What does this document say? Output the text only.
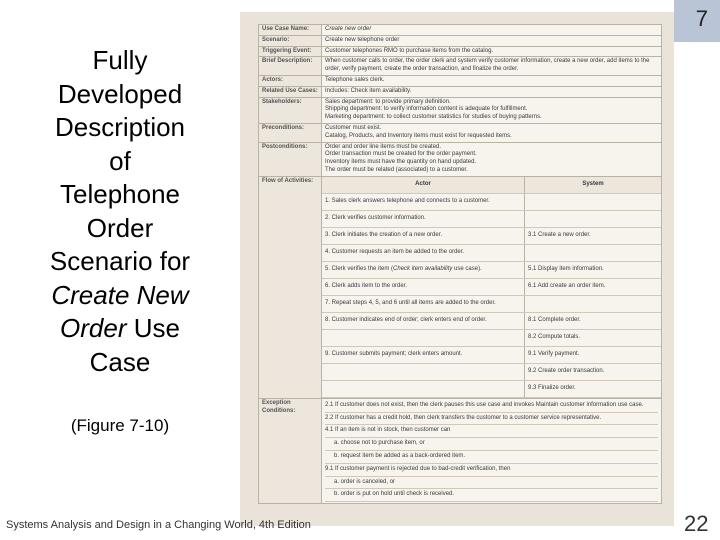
7
Fully
Developed
Description
of
Telephone
Order
Scenario for
Create New
Order Use
Case
(Figure 7-10)
Use Case Name:	Create new order
Scenario:	Create new telephone order
Triggering Event:	Customer telephones RMO to purchase items from the catalog.
Brief Description:	When customer calls to order, the order clerk and system verify customer information, create a new order, add items to the order, verify payment, create the order transaction, and finalize the order.
Actors:	Telephone sales clerk.
Related Use Cases:	Includes: Check item availability.
Stakeholders:	Sales department: to provide primary definition.
Shipping department: to verify information content is adequate for fulfillment.
Marketing department: to collect customer statistics for studies of buying patterns.

Preconditions:	Customer must exist.
Catalog, Products, and Inventory items must exist for requested items.

Postconditions:	Order and order line items must be created.
Order transaction must be created for the order payment.
Inventory items must have the quantity on hand updated.
The order must be related (associated) to a customer.

Flow of Activities:	
Actor	System
1. Sales clerk answers telephone and connects to a customer.	
2. Clerk verifies customer information.	
3. Clerk initiates the creation of a new order.	3.1 Create a new order.
4. Customer requests an item be added to the order.	
5. Clerk verifies the item (Check item availability use case).	5.1 Display item information.
6. Clerk adds item to the order.	6.1 Add create an order item.
7. Repeat steps 4, 5, and 6 until all items are added to the order.	
8. Customer indicates end of order; clerk enters end of order.	8.1 Complete order.
	8.2 Compute totals.
9. Customer submits payment; clerk enters amount.	9.1 Verify payment.
	9.2 Create order transaction.
	9.3 Finalize order.

Exception Conditions:	
2.1 If customer does not exist, then the clerk pauses this use case and invokes Maintain customer information use case.
2.2 If customer has a credit hold, then clerk transfers the customer to a customer service representative.
4.1 If an item is not in stock, then customer can
a. choose not to purchase item, or
b. request item be added as a back-ordered item.
9.1 If customer payment is rejected due to bad-credit verification, then
a. order is canceled, or
b. order is put on hold until check is received.
Systems Analysis and Design in a Changing World, 4th Edition	22
